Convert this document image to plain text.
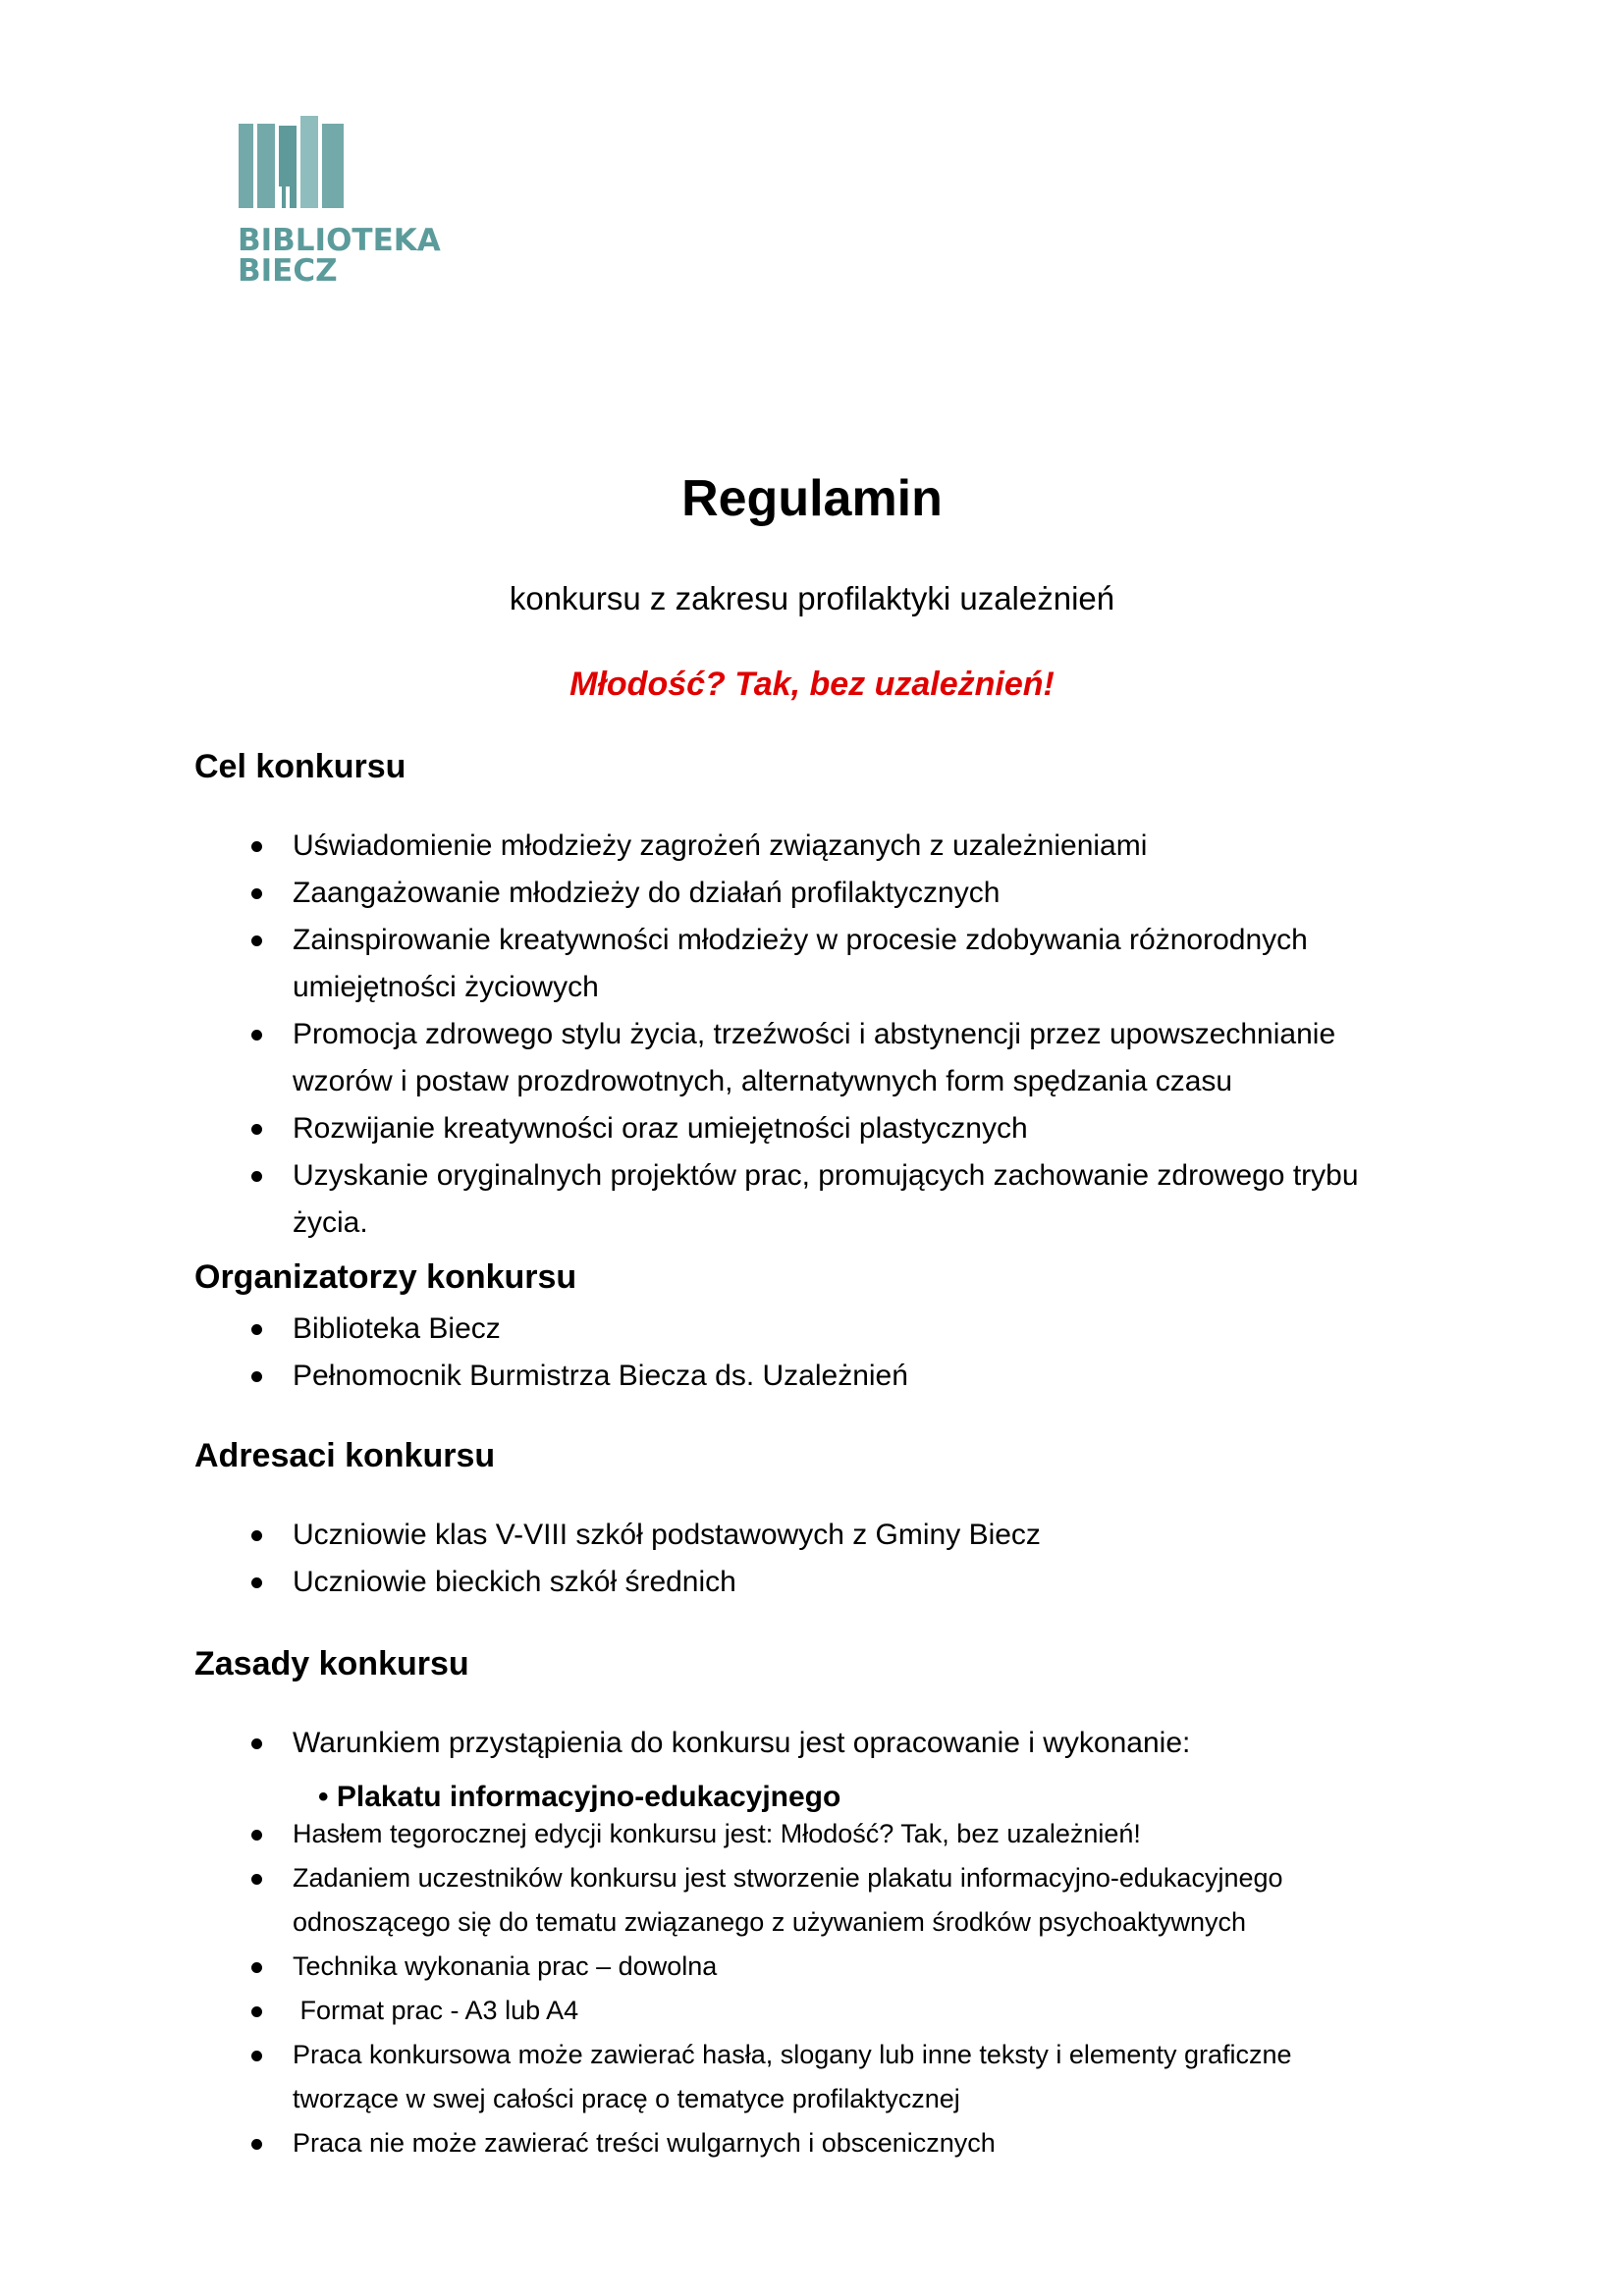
BIBLIOTEKA
BIECZ
Regulamin
konkursu z zakresu profilaktyki uzależnień
Młodość? Tak, bez uzależnień!
Cel konkursu
Uświadomienie młodzieży zagrożeń związanych z uzależnieniami
Zaangażowanie młodzieży do działań profilaktycznych
Zainspirowanie kreatywności młodzieży w procesie zdobywania różnorodnych
umiejętności życiowych
Promocja zdrowego stylu życia, trzeźwości i abstynencji przez upowszechnianie
wzorów i postaw prozdrowotnych, alternatywnych form spędzania czasu
Rozwijanie kreatywności oraz umiejętności plastycznych
Uzyskanie oryginalnych projektów prac, promujących zachowanie zdrowego trybu
życia.
Organizatorzy konkursu
Biblioteka Biecz
Pełnomocnik Burmistrza Biecza ds. Uzależnień
Adresaci konkursu
Uczniowie klas V-VIII szkół podstawowych z Gminy Biecz
Uczniowie bieckich szkół średnich
Zasady konkursu
Warunkiem przystąpienia do konkursu jest opracowanie i wykonanie:
• Plakatu informacyjno-edukacyjnego
Hasłem tegorocznej edycji konkursu jest: Młodość? Tak, bez uzależnień!
Zadaniem uczestników konkursu jest stworzenie plakatu informacyjno-edukacyjnego
odnoszącego się do tematu związanego z używaniem środków psychoaktywnych
Technika wykonania prac – dowolna
Format prac - A3 lub A4
Praca konkursowa może zawierać hasła, slogany lub inne teksty i elementy graficzne
tworzące w swej całości pracę o tematyce profilaktycznej
Praca nie może zawierać treści wulgarnych i obscenicznych
